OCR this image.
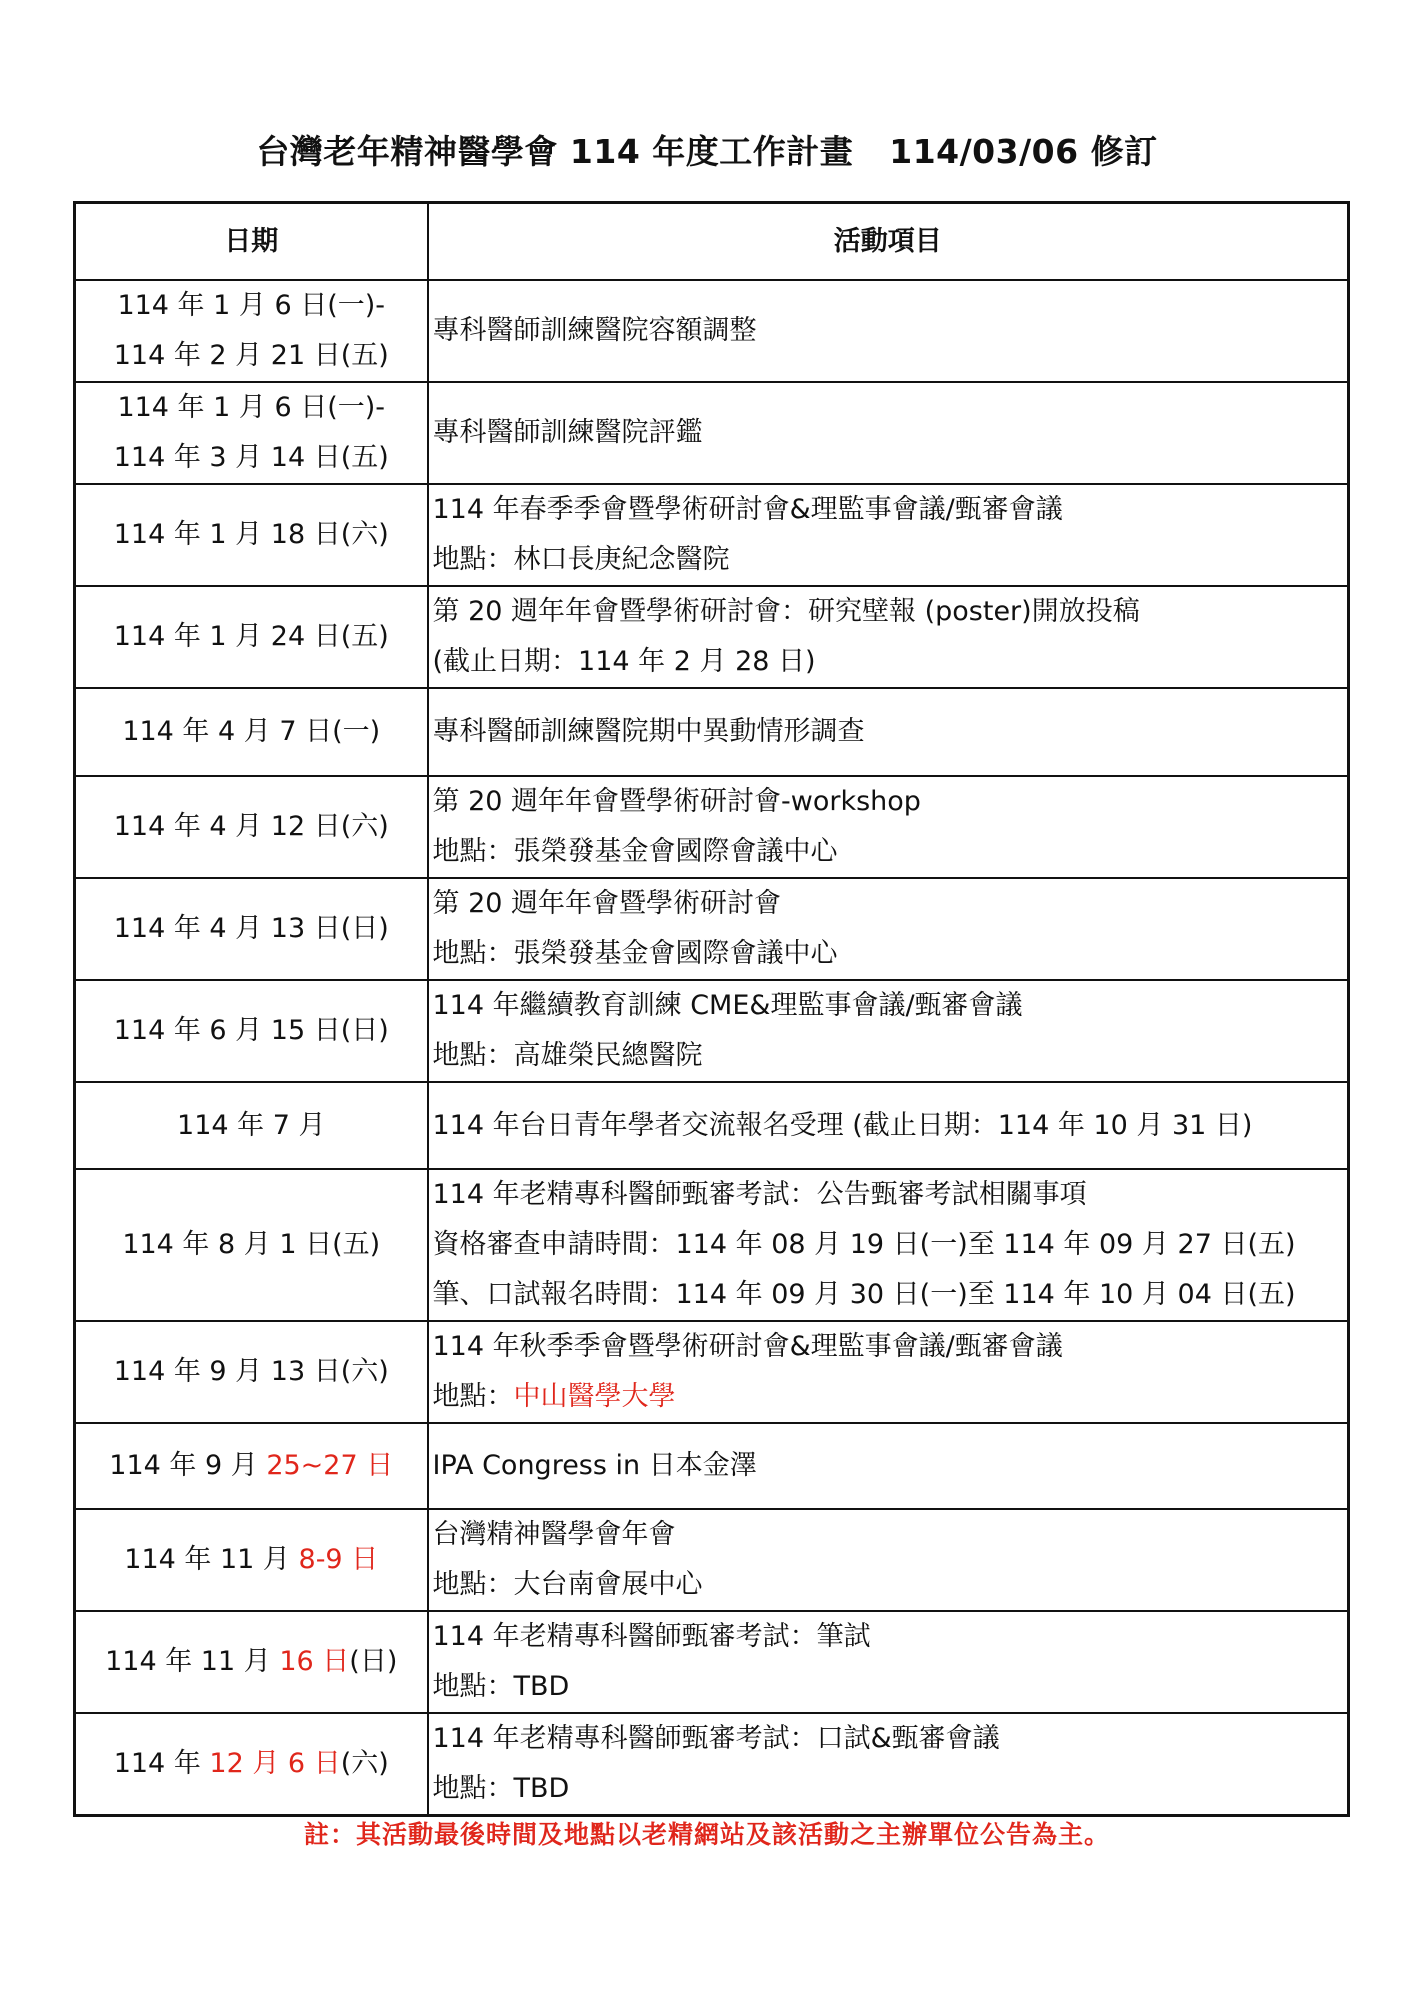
台灣老年精神醫學會 114 年度工作計畫   114/03/06 修訂
日期	活動項目

114 年 1 月 6 日(一)-
114 年 2 月 21 日(五)	專科醫師訓練醫院容額調整

114 年 1 月 6 日(一)-
114 年 3 月 14 日(五)	專科醫師訓練醫院評鑑

114 年 1 月 18 日(六)	114 年春季季會暨學術研討會&理監事會議/甄審會議
地點：林口長庚紀念醫院

114 年 1 月 24 日(五)	第 20 週年年會暨學術研討會：研究壁報 (poster)開放投稿
(截止日期：114 年 2 月 28 日)

114 年 4 月 7 日(一)	專科醫師訓練醫院期中異動情形調查

114 年 4 月 12 日(六)	第 20 週年年會暨學術研討會-workshop
地點：張榮發基金會國際會議中心

114 年 4 月 13 日(日)	第 20 週年年會暨學術研討會
地點：張榮發基金會國際會議中心

114 年 6 月 15 日(日)	114 年繼續教育訓練 CME&理監事會議/甄審會議
地點：高雄榮民總醫院

114 年 7 月	114 年台日青年學者交流報名受理 (截止日期：114 年 10 月 31 日)

114 年 8 月 1 日(五)	114 年老精專科醫師甄審考試：公告甄審考試相關事項
資格審查申請時間：114 年 08 月 19 日(一)至 114 年 09 月 27 日(五)
筆、口試報名時間：114 年 09 月 30 日(一)至 114 年 10 月 04 日(五)

114 年 9 月 13 日(六)	114 年秋季季會暨學術研討會&理監事會議/甄審會議
地點：中山醫學大學

114 年 9 月 25~27 日	IPA Congress in 日本金澤

114 年 11 月 8-9 日	台灣精神醫學會年會
地點：大台南會展中心

114 年 11 月 16 日(日)	114 年老精專科醫師甄審考試：筆試
地點：TBD

114 年 12 月 6 日(六)	114 年老精專科醫師甄審考試：口試&甄審會議
地點：TBD
註：其活動最後時間及地點以老精網站及該活動之主辦單位公告為主。
